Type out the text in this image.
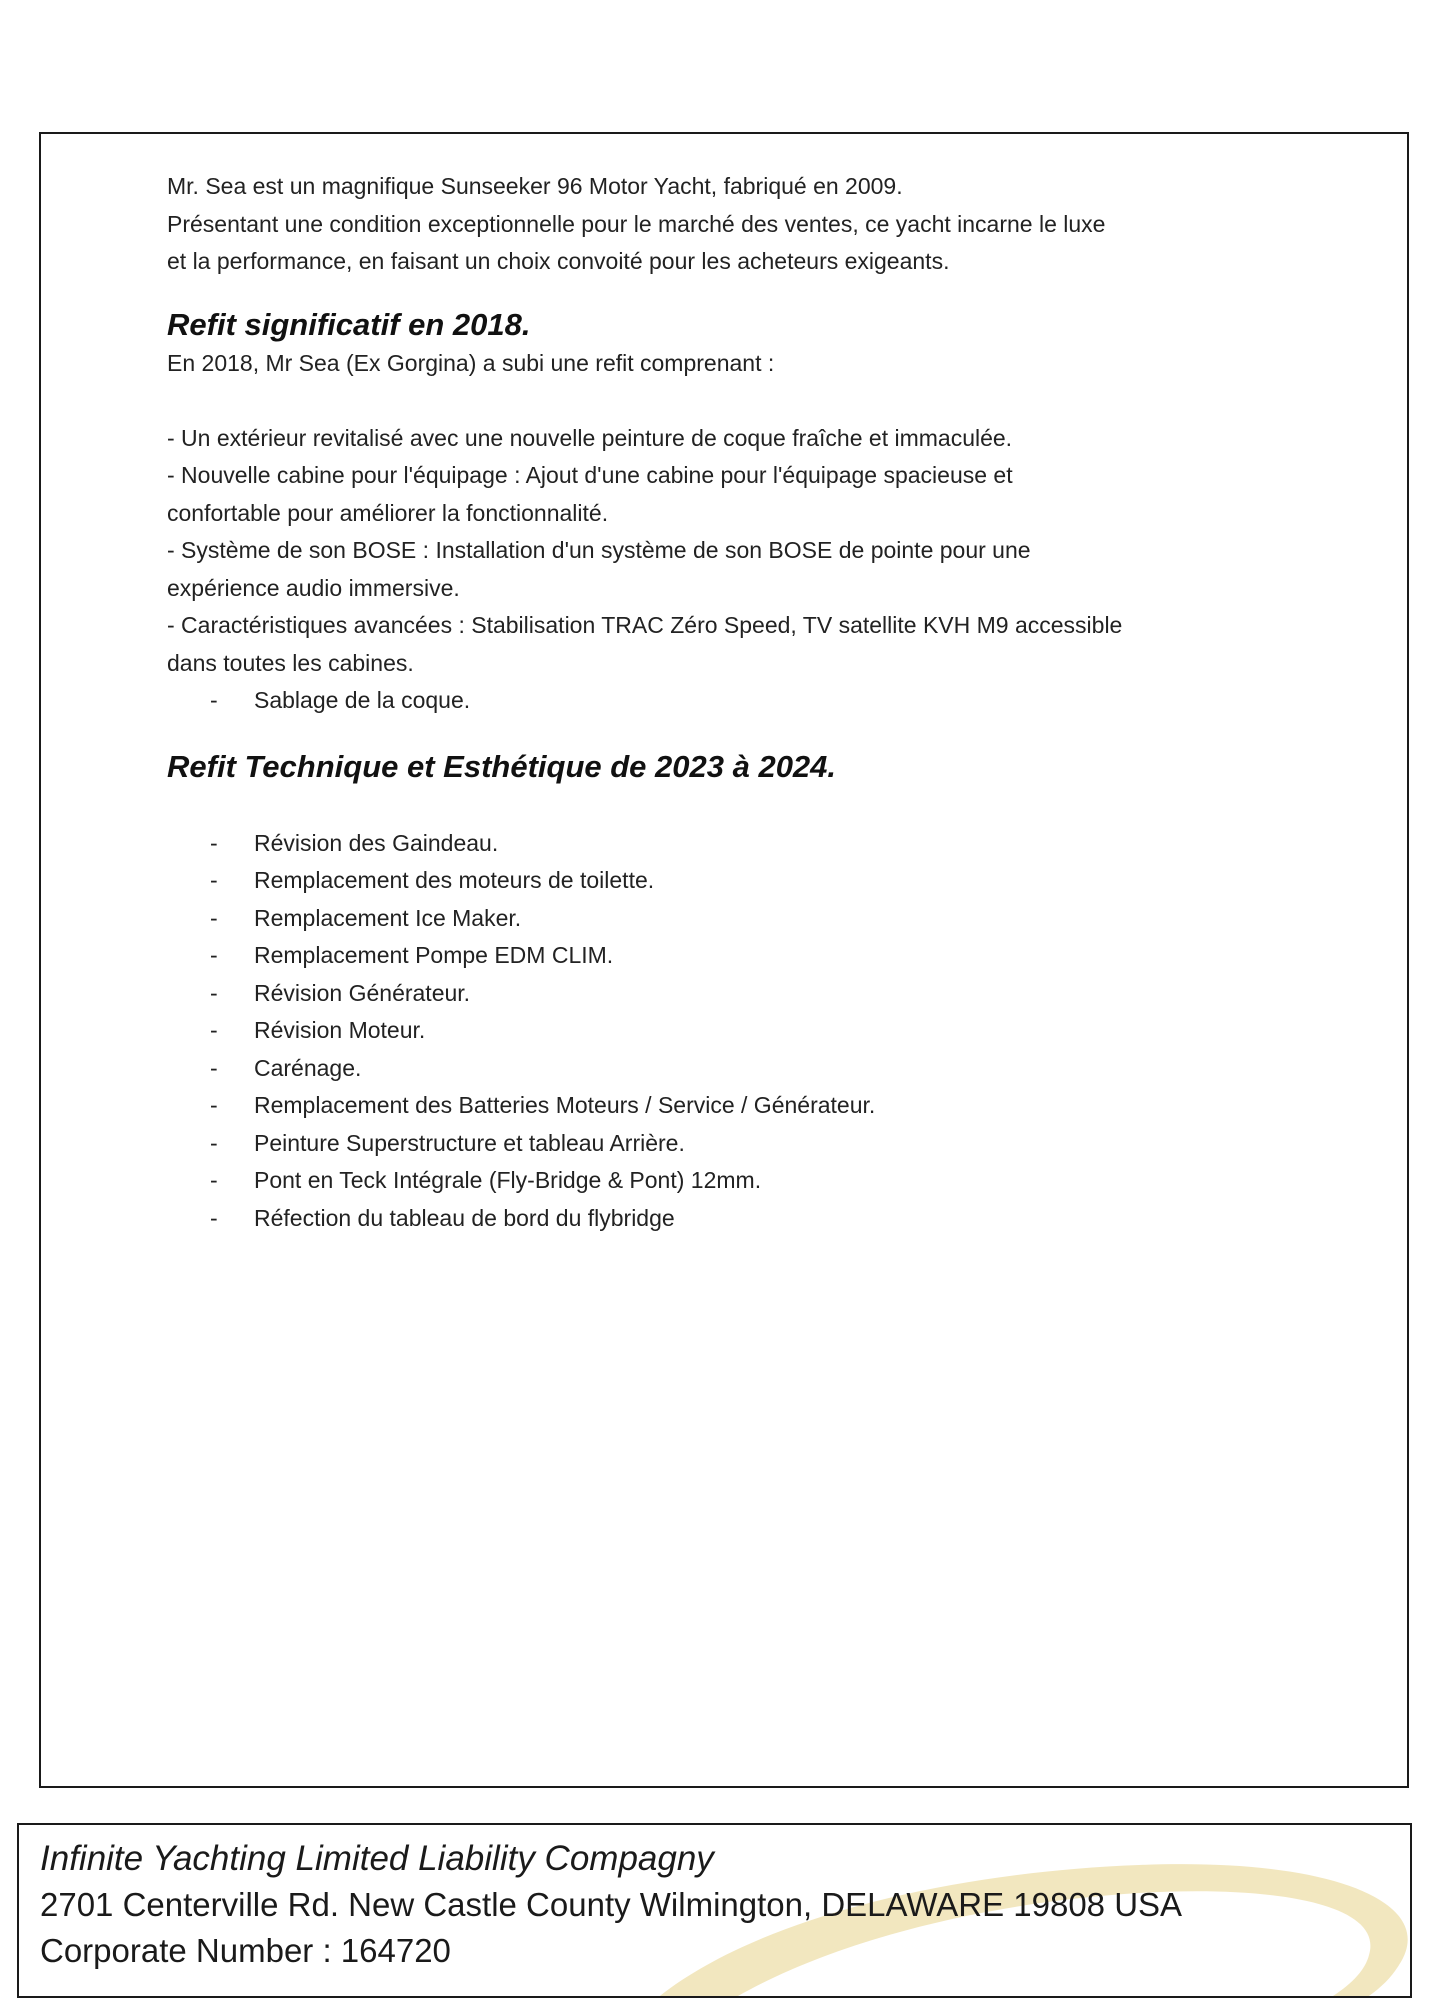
Mr. Sea est un magnifique Sunseeker 96 Motor Yacht, fabriqué en 2009.
Présentant une condition exceptionnelle pour le marché des ventes, ce yacht incarne le luxe
et la performance, en faisant un choix convoité pour les acheteurs exigeants.
Refit significatif en 2018.
En 2018, Mr Sea (Ex Gorgina) a subi une refit comprenant :
- Un extérieur revitalisé avec une nouvelle peinture de coque fraîche et immaculée.
- Nouvelle cabine pour l'équipage : Ajout d'une cabine pour l'équipage spacieuse et
confortable pour améliorer la fonctionnalité.
- Système de son BOSE : Installation d'un système de son BOSE de pointe pour une
expérience audio immersive.
- Caractéristiques avancées : Stabilisation TRAC Zéro Speed, TV satellite KVH M9 accessible
dans toutes les cabines.
-	Sablage de la coque.
Refit Technique et Esthétique de 2023 à 2024.
-	Révision des Gaindeau.
-	Remplacement des moteurs de toilette.
-	Remplacement Ice Maker.
-	Remplacement Pompe EDM CLIM.
-	Révision Générateur.
-	Révision Moteur.
-	Carénage.
-	Remplacement des Batteries Moteurs / Service / Générateur.
-	Peinture Superstructure et tableau Arrière.
-	Pont en Teck Intégrale (Fly-Bridge & Pont) 12mm.
-	Réfection du tableau de bord du flybridge
Infinite Yachting Limited Liability Compagny
2701 Centerville Rd. New Castle County Wilmington, DELAWARE 19808 USA
Corporate Number : 164720
